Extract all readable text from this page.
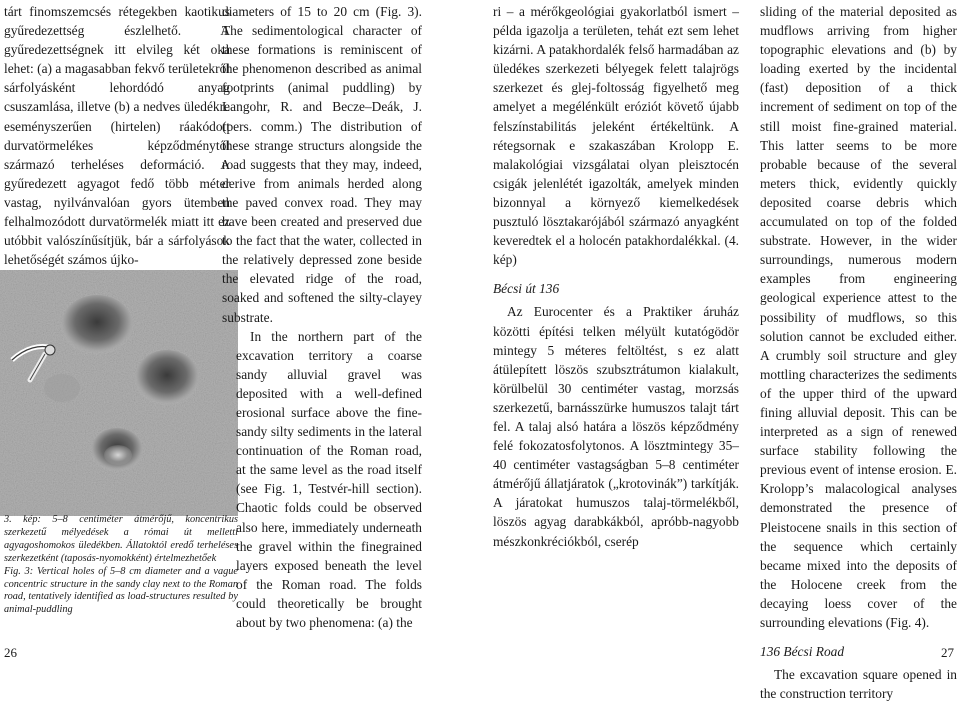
tárt finomszemcsés rétegekben kaotikus gyűredezettség észlelhető. A gyűredezettségnek itt elvileg két oka lehet: (a) a magasabban fekvő területekről sárfolyásként lehordódó anyag csuszamlása, illetve (b) a nedves üledékre eseményszerűen (hirtelen) ráakódott durvatörmelékes képződménytől származó terheléses deformáció. A gyűredezett agyagot fedő több méter vastag, nyilvánvalóan gyors ütemben felhalmozódott durvatörmelék miatt itt ez utóbbit valószínűsítjük, bár a sárfolyások lehetőségét számos újko-

3. kép: 5–8 centiméter átmérőjű, koncentrikus szerkezetű mélyedések a római út melletti agyagoshomokos üledékben. Állatoktól eredő terheléses szerkezetként (taposás-nyomokként) értelmezhetőek

Fig. 3: Vertical holes of 5–8 cm diameter and a vague concentric structure in the sandy clay next to the Roman road, tentatively identified as load-structures resulted by animal-puddling

diameters of 15 to 20 cm (Fig. 3). The sedimentological character of these formations is reminiscent of the phenomenon described as animal footprints (animal puddling) by Langohr, R. and Becze–Deák, J. (pers. comm.) The distribution of these strange structurs alongside the road suggests that they may, indeed, derive from animals herded along the paved convex road. They may have been created and preserved due to the fact that the water, collected in the relatively depressed zone beside the elevated ridge of the road, soaked and softened the silty-clayey substrate.

In the northern part of the excavation territory a coarse sandy alluvial gravel was deposited with a well-defined erosional surface above the fine-sandy silty sediments in the lateral continuation of the Roman road, at the same level as the road itself (see Fig. 1, Testvér-hill section). Chaotic folds could be observed also here, immediately underneath the gravel within the finegrained layers exposed beneath the level of the Roman road. The folds could theoretically be brought about by two phenomena: (a) the

ri – a mérőkgeológiai gyakorlatból ismert – példa igazolja a területen, tehát ezt sem lehet kizárni. A patakhordalék felső harmadában az üledékes szerkezeti bélyegek felett talajrögs szerkezet és glej-foltosság figyelhető meg amelyet a megélénkült eróziót követő újabb felszínstabilitás jeleként értékeltünk. A rétegsornak e szakaszában Krolopp E. malakológiai vizsgálatai olyan pleisztocén csigák jelenlétét igazolták, amelyek minden bizonnyal a környező kiemelkedések pusztuló lösztakarójából származó anyagként keveredtek el a holocén patakhordalékkal. (4. kép)

Bécsi út 136

Az Eurocenter és a Praktiker áruház közötti építési telken mélyült kutatógödör mintegy 5 méteres feltöltést, s ez alatt átülepített löszös szubsztrátumon kialakult, körülbelül 30 centiméter vastag, morzsás szerkezetű, barnásszürke humuszos talajt tárt fel. A talaj alsó határa a löszös képződmény felé fokozatosfolytonos. A lösztmintegy 35–40 centiméter vastagságban 5–8 centiméter átmérőjű állatjáratok („krotovinák”) tarkítják. A járatokat humuszos talaj-törmelékből, löszös agyag darabkákból, apróbb-nagyobb mészkonkréciókból, cserép

sliding of the material deposited as mudflows arriving from higher topographic elevations and (b) by loading exerted by the incidental (fast) deposition of a thick increment of sediment on top of the still moist fine-grained material. This latter seems to be more probable because of the several meters thick, evidently quickly deposited coarse debris which accumulated on top of the folded substrate. However, in the wider surroundings, numerous modern examples from engineering geological experience attest to the possibility of mudflows, so this solution cannot be excluded either. A crumbly soil structure and gley mottling characterizes the sediments of the upper third of the upward fining alluvial deposit. This can be interpreted as a sign of renewed surface stability following the previous event of intense erosion. E. Krolopp’s malacological analyses demonstrated the presence of Pleistocene snails in this section of the sequence which certainly became mixed into the deposits of the Holocene creek from the decaying loess cover of the surrounding elevations (Fig. 4).

136 Bécsi Road

The excavation square opened in the construction territory

26	27
